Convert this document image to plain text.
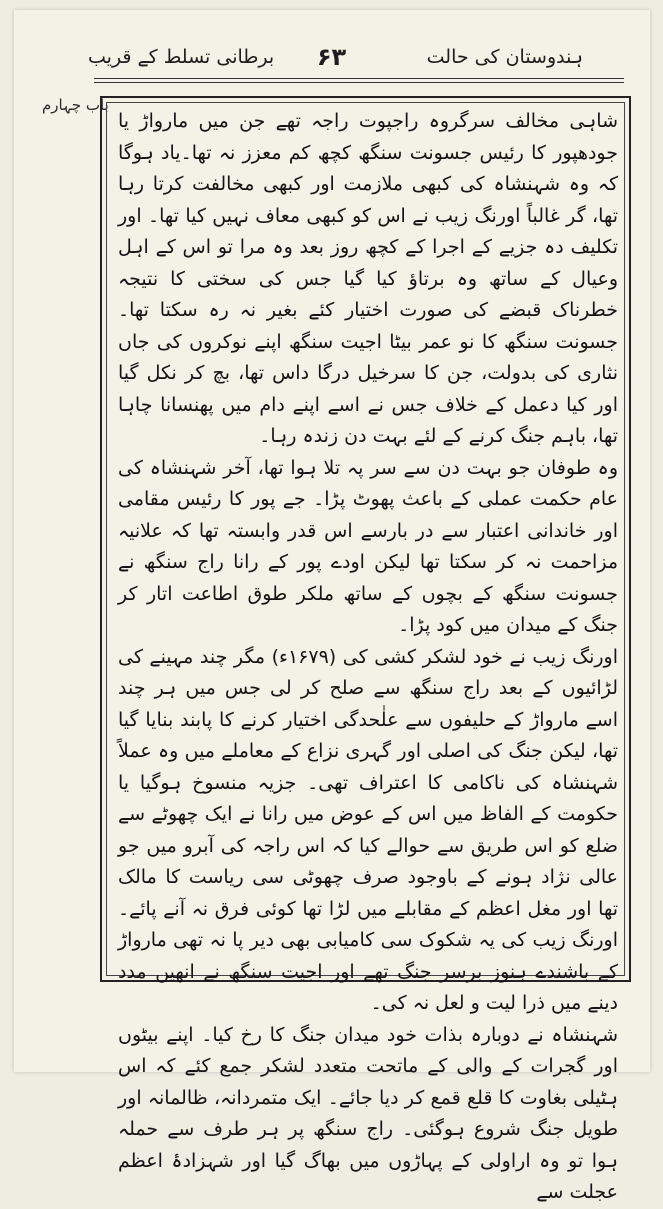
ہندوستان کی حالت
۶۳
برطانی تسلط کے قریب
باب چہارم

شاہی مخالف سرگروہ راجپوت راجہ تھے جن میں مارواڑ یا جودھپور کا رئیس جسونت سنگھ کچھ کم معزز نہ تھا۔یاد ہوگا کہ وہ شہنشاہ کی کبھی ملازمت اور کبھی مخالفت کرتا رہا تھا، گر غالباً اورنگ زیب نے اس کو کبھی معاف نہیں کیا تھا۔ اور تکلیف دہ جزیے کے اجرا کے کچھ روز بعد وہ مرا تو اس کے اہل وعیال کے ساتھ وہ برتاؤ کیا گیا جس کی سختی کا نتیجہ خطرناک قبضے کی صورت اختیار کئے بغیر نہ رہ سکتا تھا۔ جسونت سنگھ کا نو عمر بیٹا اجیت سنگھ اپنے نوکروں کی جاں نثاری کی بدولت، جن کا سرخیل درگا داس تھا، بچ کر نکل گیا اور کیا دعمل کے خلاف جس نے اسے اپنے دام میں پھنسانا چاہا تھا، باہم جنگ کرنے کے لئے بہت دن زندہ رہا۔

وہ طوفان جو بہت دن سے سر پہ تلا ہوا تھا، آخر شہنشاہ کی عام حکمت عملی کے باعث پھوٹ پڑا۔ جے پور کا رئیس مقامی اور خاندانی اعتبار سے در بارسے اس قدر وابستہ تھا کہ علانیہ مزاحمت نہ کر سکتا تھا لیکن اودے پور کے رانا راج سنگھ نے جسونت سنگھ کے بچوں کے ساتھ ملکر طوق اطاعت اتار کر جنگ کے میدان میں کود پڑا۔

اورنگ زیب نے خود لشکر کشی کی (۱۶۷۹ء) مگر چند مہینے کی لڑائیوں کے بعد راج سنگھ سے صلح کر لی جس میں ہر چند اسے مارواڑ کے حلیفوں سے علٰحدگی اختیار کرنے کا پابند بنایا گیا تھا، لیکن جنگ کی اصلی اور گہری نزاع کے معاملے میں وہ عملاً شہنشاہ کی ناکامی کا اعتراف تھی۔ جزیہ منسوخ ہوگیا یا حکومت کے الفاظ میں اس کے عوض میں رانا نے ایک چھوٹے سے ضلع کو اس طریق سے حوالے کیا کہ اس راجہ کی آبرو میں جو عالی نژاد ہونے کے باوجود صرف چھوٹی سی ریاست کا مالک تھا اور مغل اعظم کے مقابلے میں لڑا تھا کوئی فرق نہ آنے پائے۔ اورنگ زیب کی یہ شکوک سی کامیابی بھی دیر پا نہ تھی مارواڑ کے باشندے ہنوز برسر جنگ تھے اور اجیت سنگھ نے انھیں مدد دینے میں ذرا لیت و لعل نہ کی۔

شہنشاہ نے دوبارہ بذات خود میدان جنگ کا رخ کیا۔ اپنے بیٹوں اور گجرات کے والی کے ماتحت متعدد لشکر جمع کئے کہ اس ہٹیلی بغاوت کا قلع قمع کر دیا جائے۔ ایک متمردانہ، ظالمانہ اور طویل جنگ شروع ہوگئی۔ راج سنگھ پر ہر طرف سے حملہ ہوا تو وہ اراولی کے پہاڑوں میں بھاگ گیا اور شہزادۂ اعظم عجلت سے
